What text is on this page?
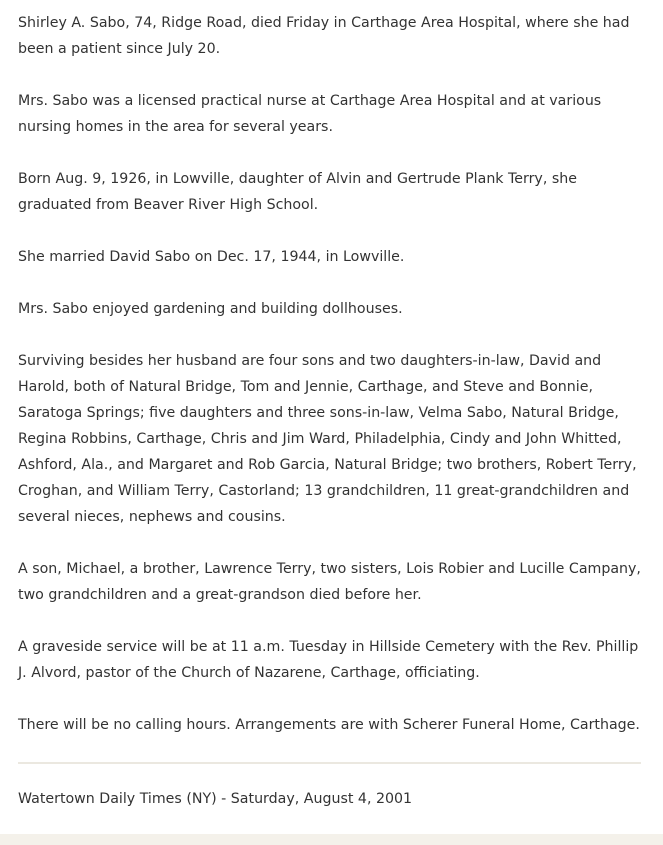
Shirley A. Sabo, 74, Ridge Road, died Friday in Carthage Area Hospital, where she had been a patient since July 20.

Mrs. Sabo was a licensed practical nurse at Carthage Area Hospital and at various nursing homes in the area for several years.

Born Aug. 9, 1926, in Lowville, daughter of Alvin and Gertrude Plank Terry, she graduated from Beaver River High School.

She married David Sabo on Dec. 17, 1944, in Lowville.

Mrs. Sabo enjoyed gardening and building dollhouses.

Surviving besides her husband are four sons and two daughters-in-law, David and Harold, both of Natural Bridge, Tom and Jennie, Carthage, and Steve and Bonnie, Saratoga Springs; five daughters and three sons-in-law, Velma Sabo, Natural Bridge, Regina Robbins, Carthage, Chris and Jim Ward, Philadelphia, Cindy and John Whitted, Ashford, Ala., and Margaret and Rob Garcia, Natural Bridge; two brothers, Robert Terry, Croghan, and William Terry, Castorland; 13 grandchildren, 11 great-grandchildren and several nieces, nephews and cousins.

A son, Michael, a brother, Lawrence Terry, two sisters, Lois Robier and Lucille Campany, two grandchildren and a great-grandson died before her.

A graveside service will be at 11 a.m. Tuesday in Hillside Cemetery with the Rev. Phillip J. Alvord, pastor of the Church of Nazarene, Carthage, officiating.

There will be no calling hours. Arrangements are with Scherer Funeral Home, Carthage.

Watertown Daily Times (NY) - Saturday, August 4, 2001
